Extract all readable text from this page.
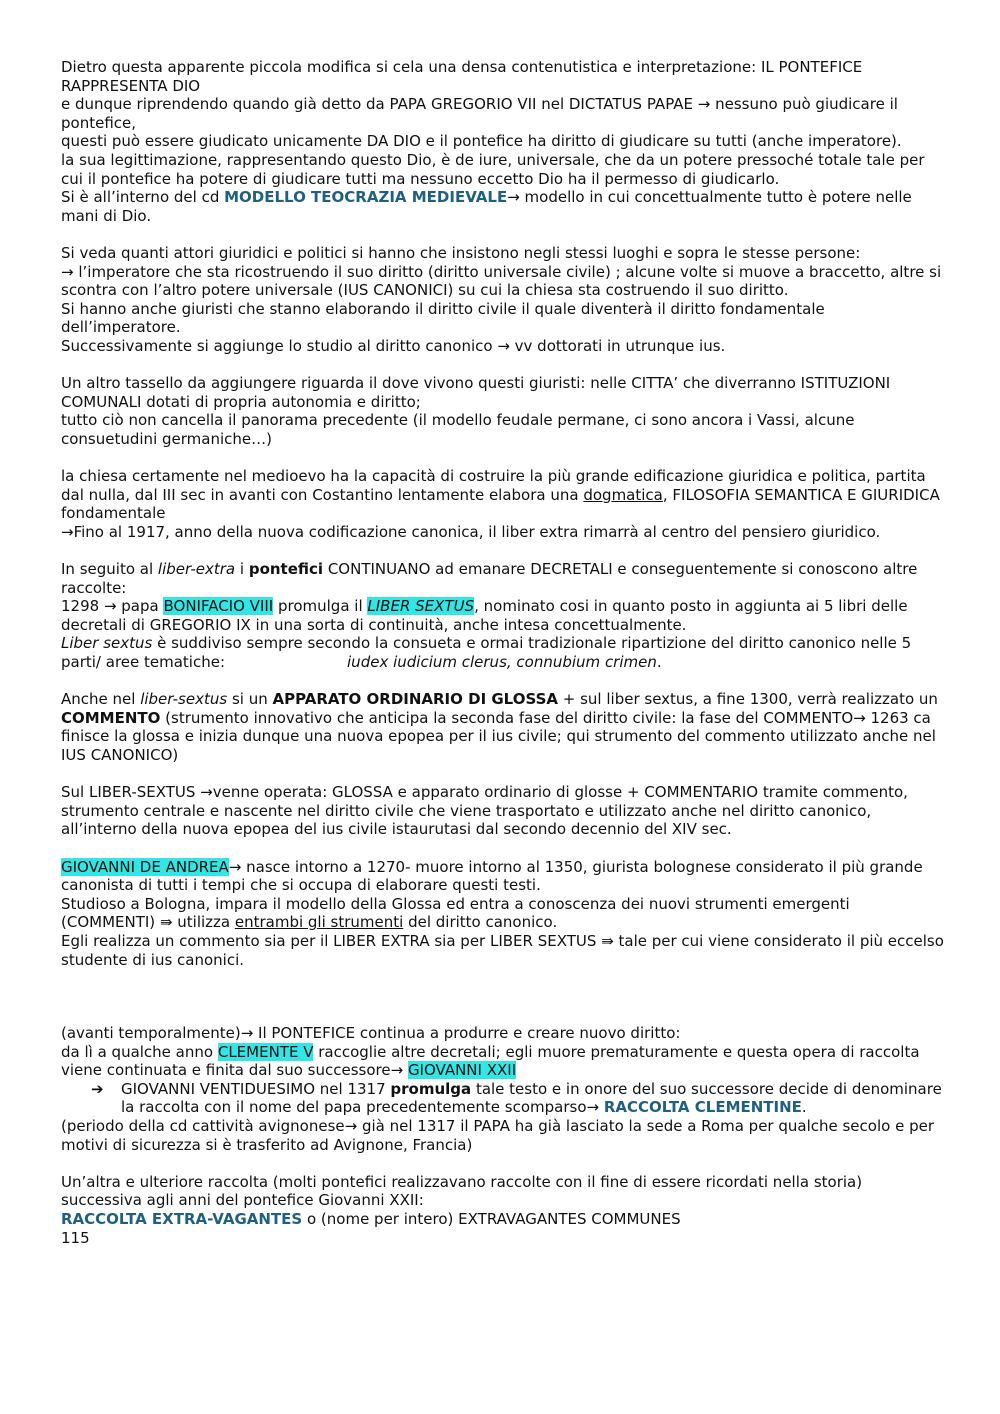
Dietro questa apparente piccola modifica si cela una densa contenutistica e interpretazione: IL PONTEFICE RAPPRESENTA DIO

e dunque riprendendo quando già detto da PAPA GREGORIO VII nel DICTATUS PAPAE → nessuno può giudicare il pontefice,

questi può essere giudicato unicamente DA DIO e il pontefice ha diritto di giudicare su tutti (anche imperatore).

la sua legittimazione, rappresentando questo Dio, è de iure, universale, che da un potere pressoché totale tale per cui il pontefice ha potere di giudicare tutti ma nessuno eccetto Dio ha il permesso di giudicarlo.

Si è all’interno del cd MODELLO TEOCRAZIA MEDIEVALE→ modello in cui concettualmente tutto è potere nelle mani di Dio.

Si veda quanti attori giuridici e politici si hanno che insistono negli stessi luoghi e sopra le stesse persone:

→ l’imperatore che sta ricostruendo il suo diritto (diritto universale civile) ; alcune volte si muove a braccetto, altre si scontra con l’altro potere universale (IUS CANONICI) su cui la chiesa sta costruendo il suo diritto.

Si hanno anche giuristi che stanno elaborando il diritto civile il quale diventerà il diritto fondamentale dell’imperatore.

Successivamente si aggiunge lo studio al diritto canonico → vv dottorati in utrunque ius.

Un altro tassello da aggiungere riguarda il dove vivono questi giuristi: nelle CITTA’ che diverranno ISTITUZIONI COMUNALI dotati di propria autonomia e diritto;

tutto ciò non cancella il panorama precedente (il modello feudale permane, ci sono ancora i Vassi, alcune consuetudini germaniche…)

la chiesa certamente nel medioevo ha la capacità di costruire la più grande edificazione giuridica e politica, partita dal nulla, dal III sec in avanti con Costantino lentamente elabora una dogmatica, FILOSOFIA SEMANTICA E GIURIDICA fondamentale

→Fino al 1917, anno della nuova codificazione canonica, il liber extra rimarrà al centro del pensiero giuridico.

In seguito al liber-extra i pontefici CONTINUANO ad emanare DECRETALI e conseguentemente si conoscono altre raccolte:

1298 → papa BONIFACIO VIII promulga il LIBER SEXTUS, nominato cosi in quanto posto in aggiunta ai 5 libri delle decretali di GREGORIO IX in una sorta di continuità, anche intesa concettualmente.

Liber sextus è suddiviso sempre secondo la consueta e ormai tradizionale ripartizione del diritto canonico nelle 5 parti/ aree tematiche:	iudex iudicium clerus, connubium crimen.

Anche nel liber-sextus si un APPARATO ORDINARIO DI GLOSSA + sul liber sextus, a fine 1300, verrà realizzato un COMMENTO (strumento innovativo che anticipa la seconda fase del diritto civile: la fase del COMMENTO→ 1263 ca finisce la glossa e inizia dunque una nuova epopea per il ius civile; qui strumento del commento utilizzato anche nel IUS CANONICO)

Sul LIBER-SEXTUS →venne operata: GLOSSA e apparato ordinario di glosse + COMMENTARIO tramite commento, strumento centrale e nascente nel diritto civile che viene trasportato e utilizzato anche nel diritto canonico, all’interno della nuova epopea del ius civile istaurutasi dal secondo decennio del XIV sec.

GIOVANNI DE ANDREA→ nasce intorno a 1270- muore intorno al 1350, giurista bolognese considerato il più grande canonista di tutti i tempi che si occupa di elaborare questi testi.

Studioso a Bologna, impara il modello della Glossa ed entra a conoscenza dei nuovi strumenti emergenti (COMMENTI) ⇛ utilizza entrambi gli strumenti del diritto canonico.

Egli realizza un commento sia per il LIBER EXTRA sia per LIBER SEXTUS ⇛ tale per cui viene considerato il più eccelso studente di ius canonici.

(avanti temporalmente)→ Il PONTEFICE continua a produrre e creare nuovo diritto:

da lì a qualche anno CLEMENTE V raccoglie altre decretali; egli muore prematuramente e questa opera di raccolta viene continuata e finita dal suo successore→ GIOVANNI XXII

➔	GIOVANNI VENTIDUESIMO nel 1317 promulga tale testo e in onore del suo successore decide di denominare la raccolta con il nome del papa precedentemente scomparso→ RACCOLTA CLEMENTINE.

(periodo della cd cattività avignonese→ già nel 1317 il PAPA ha già lasciato la sede a Roma per qualche secolo e per motivi di sicurezza si è trasferito ad Avignone, Francia)

Un’altra e ulteriore raccolta (molti pontefici realizzavano raccolte con il fine di essere ricordati nella storia) successiva agli anni del pontefice Giovanni XXII:

RACCOLTA EXTRA-VAGANTES o (nome per intero) EXTRAVAGANTES COMMUNES

115
